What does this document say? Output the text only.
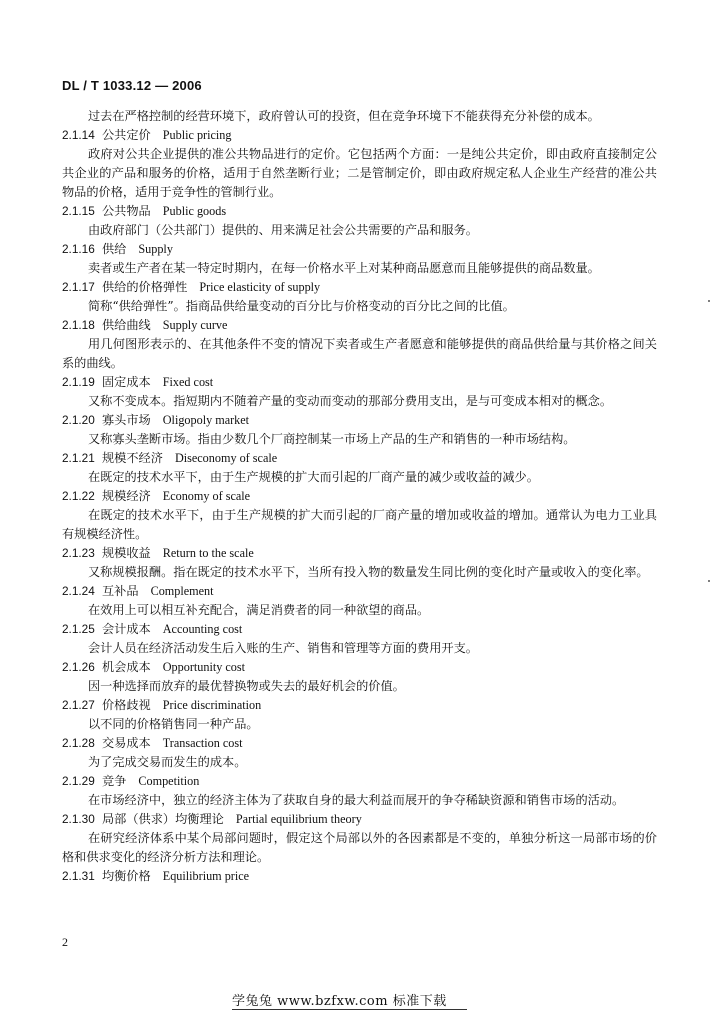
DL / T 1033.12 — 2006
过去在严格控制的经营环境下，政府曾认可的投资，但在竞争环境下不能获得充分补偿的成本。
2.1.14 公共定价 Public pricing
政府对公共企业提供的准公共物品进行的定价。它包括两个方面：一是纯公共定价，即由政府直接制定公共企业的产品和服务的价格，适用于自然垄断行业；二是管制定价，即由政府规定私人企业生产经营的准公共物品的价格，适用于竞争性的管制行业。
2.1.15 公共物品 Public goods
由政府部门（公共部门）提供的、用来满足社会公共需要的产品和服务。
2.1.16 供给 Supply
卖者或生产者在某一特定时期内，在每一价格水平上对某种商品愿意而且能够提供的商品数量。
2.1.17 供给的价格弹性 Price elasticity of supply
简称“供给弹性”。指商品供给量变动的百分比与价格变动的百分比之间的比值。
2.1.18 供给曲线 Supply curve
用几何图形表示的、在其他条件不变的情况下卖者或生产者愿意和能够提供的商品供给量与其价格之间关系的曲线。
2.1.19 固定成本 Fixed cost
又称不变成本。指短期内不随着产量的变动而变动的那部分费用支出，是与可变成本相对的概念。
2.1.20 寡头市场 Oligopoly market
又称寡头垄断市场。指由少数几个厂商控制某一市场上产品的生产和销售的一种市场结构。
2.1.21 规模不经济 Diseconomy of scale
在既定的技术水平下，由于生产规模的扩大而引起的厂商产量的减少或收益的减少。
2.1.22 规模经济 Economy of scale
在既定的技术水平下，由于生产规模的扩大而引起的厂商产量的增加或收益的增加。通常认为电力工业具有规模经济性。
2.1.23 规模收益 Return to the scale
又称规模报酬。指在既定的技术水平下，当所有投入物的数量发生同比例的变化时产量或收入的变化率。
2.1.24 互补品 Complement
在效用上可以相互补充配合，满足消费者的同一种欲望的商品。
2.1.25 会计成本 Accounting cost
会计人员在经济活动发生后入账的生产、销售和管理等方面的费用开支。
2.1.26 机会成本 Opportunity cost
因一种选择而放弃的最优替换物或失去的最好机会的价值。
2.1.27 价格歧视 Price discrimination
以不同的价格销售同一种产品。
2.1.28 交易成本 Transaction cost
为了完成交易而发生的成本。
2.1.29 竞争 Competition
在市场经济中，独立的经济主体为了获取自身的最大利益而展开的争夺稀缺资源和销售市场的活动。
2.1.30 局部（供求）均衡理论 Partial equilibrium theory
在研究经济体系中某个局部问题时，假定这个局部以外的各因素都是不变的，单独分析这一局部市场的价格和供求变化的经济分析方法和理论。
2.1.31 均衡价格 Equilibrium price
2
学兔兔 www.bzfxw.com 标准下载
